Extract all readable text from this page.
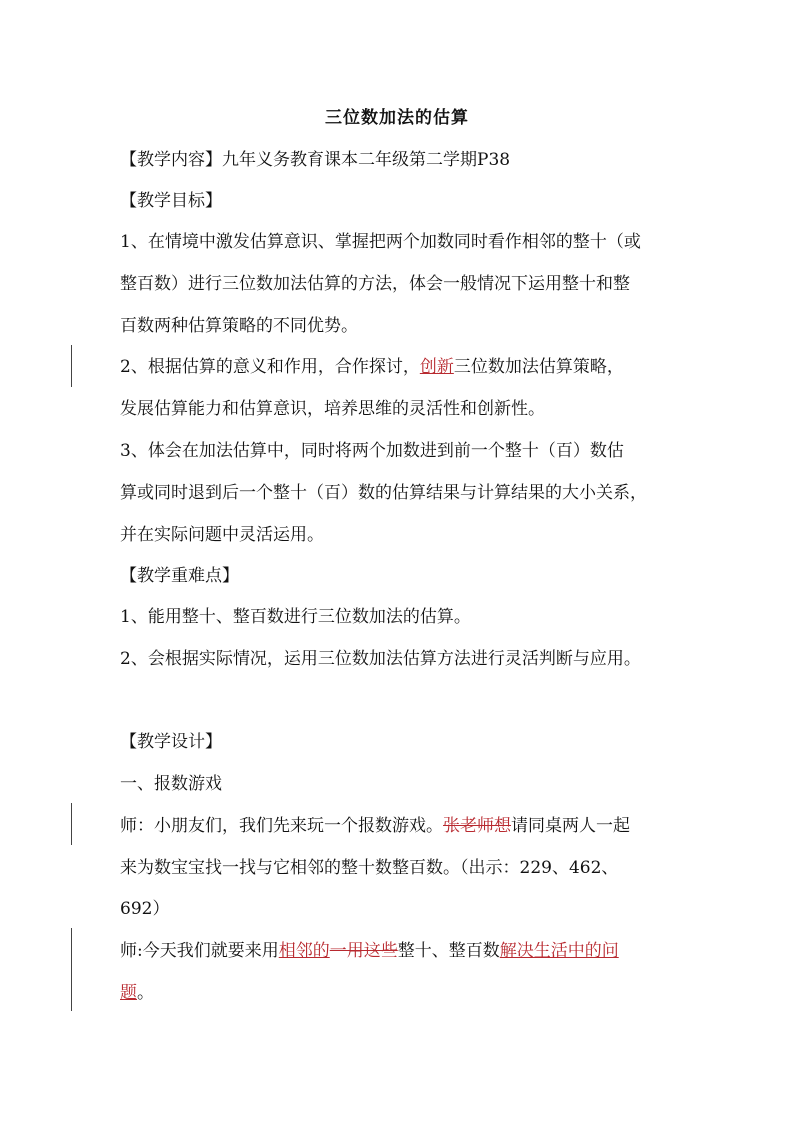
三位数加法的估算
【教学内容】九年义务教育课本二年级第二学期P38
【教学目标】
1、在情境中激发估算意识、掌握把两个加数同时看作相邻的整十（或
整百数）进行三位数加法估算的方法，体会一般情况下运用整十和整
百数两种估算策略的不同优势。
2、根据估算的意义和作用，合作探讨，创新三位数加法估算策略，
发展估算能力和估算意识，培养思维的灵活性和创新性。
3、体会在加法估算中，同时将两个加数进到前一个整十（百）数估
算或同时退到后一个整十（百）数的估算结果与计算结果的大小关系，
并在实际问题中灵活运用。
【教学重难点】
1、能用整十、整百数进行三位数加法的估算。
2、会根据实际情况，运用三位数加法估算方法进行灵活判断与应用。
【教学设计】
一、报数游戏
师：小朋友们，我们先来玩一个报数游戏。张老师想请同桌两人一起
来为数宝宝找一找与它相邻的整十数整百数。（出示：229、462、
692）
师:今天我们就要来用相邻的一用这些整十、整百数解决生活中的问
题。
